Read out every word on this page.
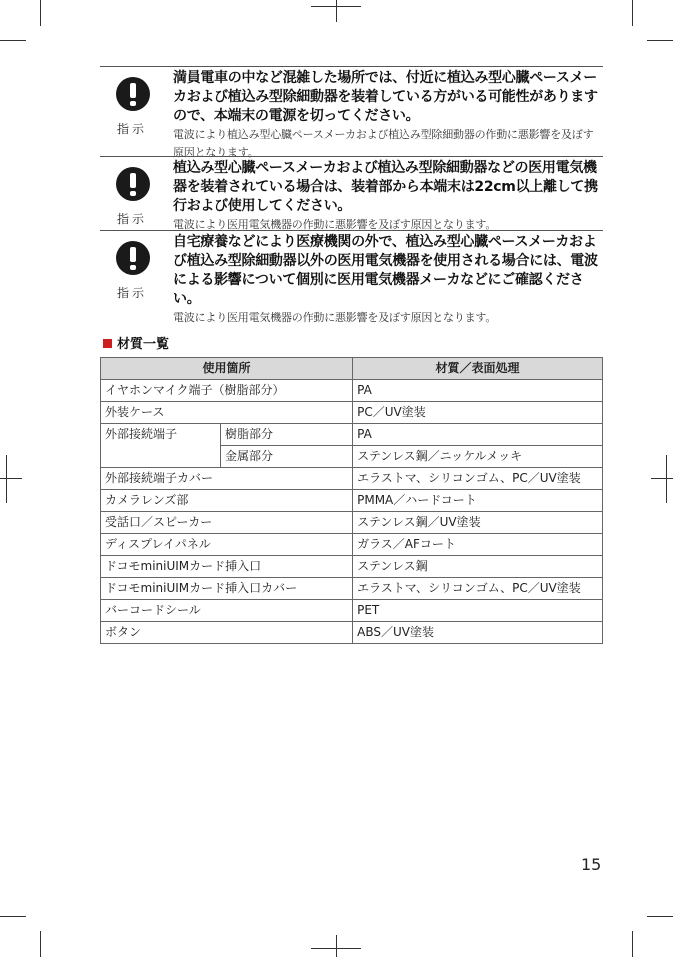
指示
満員電車の中など混雑した場所では、付近に植込み型心臓ペースメーカおよび植込み型除細動器を装着している方がいる可能性がありますので、本端末の電源を切ってください。
電波により植込み型心臓ペースメーカおよび植込み型除細動器の作動に悪影響を及ぼす原因となります。
指示
植込み型心臓ペースメーカおよび植込み型除細動器などの医用電気機器を装着されている場合は、装着部から本端末は22cm以上離して携行および使用してください。
電波により医用電気機器の作動に悪影響を及ぼす原因となります。
指示
自宅療養などにより医療機関の外で、植込み型心臓ペースメーカおよび植込み型除細動器以外の医用電気機器を使用される場合には、電波による影響について個別に医用電気機器メーカなどにご確認ください。
電波により医用電気機器の作動に悪影響を及ぼす原因となります。
材質一覧
使用箇所		材質／表面処理
イヤホンマイク端子（樹脂部分）		PA
外装ケース		PC／UV塗装
外部接続端子	樹脂部分	PA
	金属部分	ステンレス鋼／ニッケルメッキ
外部接続端子カバー		エラストマ、シリコンゴム、PC／UV塗装
カメラレンズ部		PMMA／ハードコート
受話口／スピーカー		ステンレス鋼／UV塗装
ディスプレイパネル		ガラス／AFコート
ドコモminiUIMカード挿入口		ステンレス鋼
ドコモminiUIMカード挿入口カバー		エラストマ、シリコンゴム、PC／UV塗装
バーコードシール		PET
ボタン		ABS／UV塗装
15
